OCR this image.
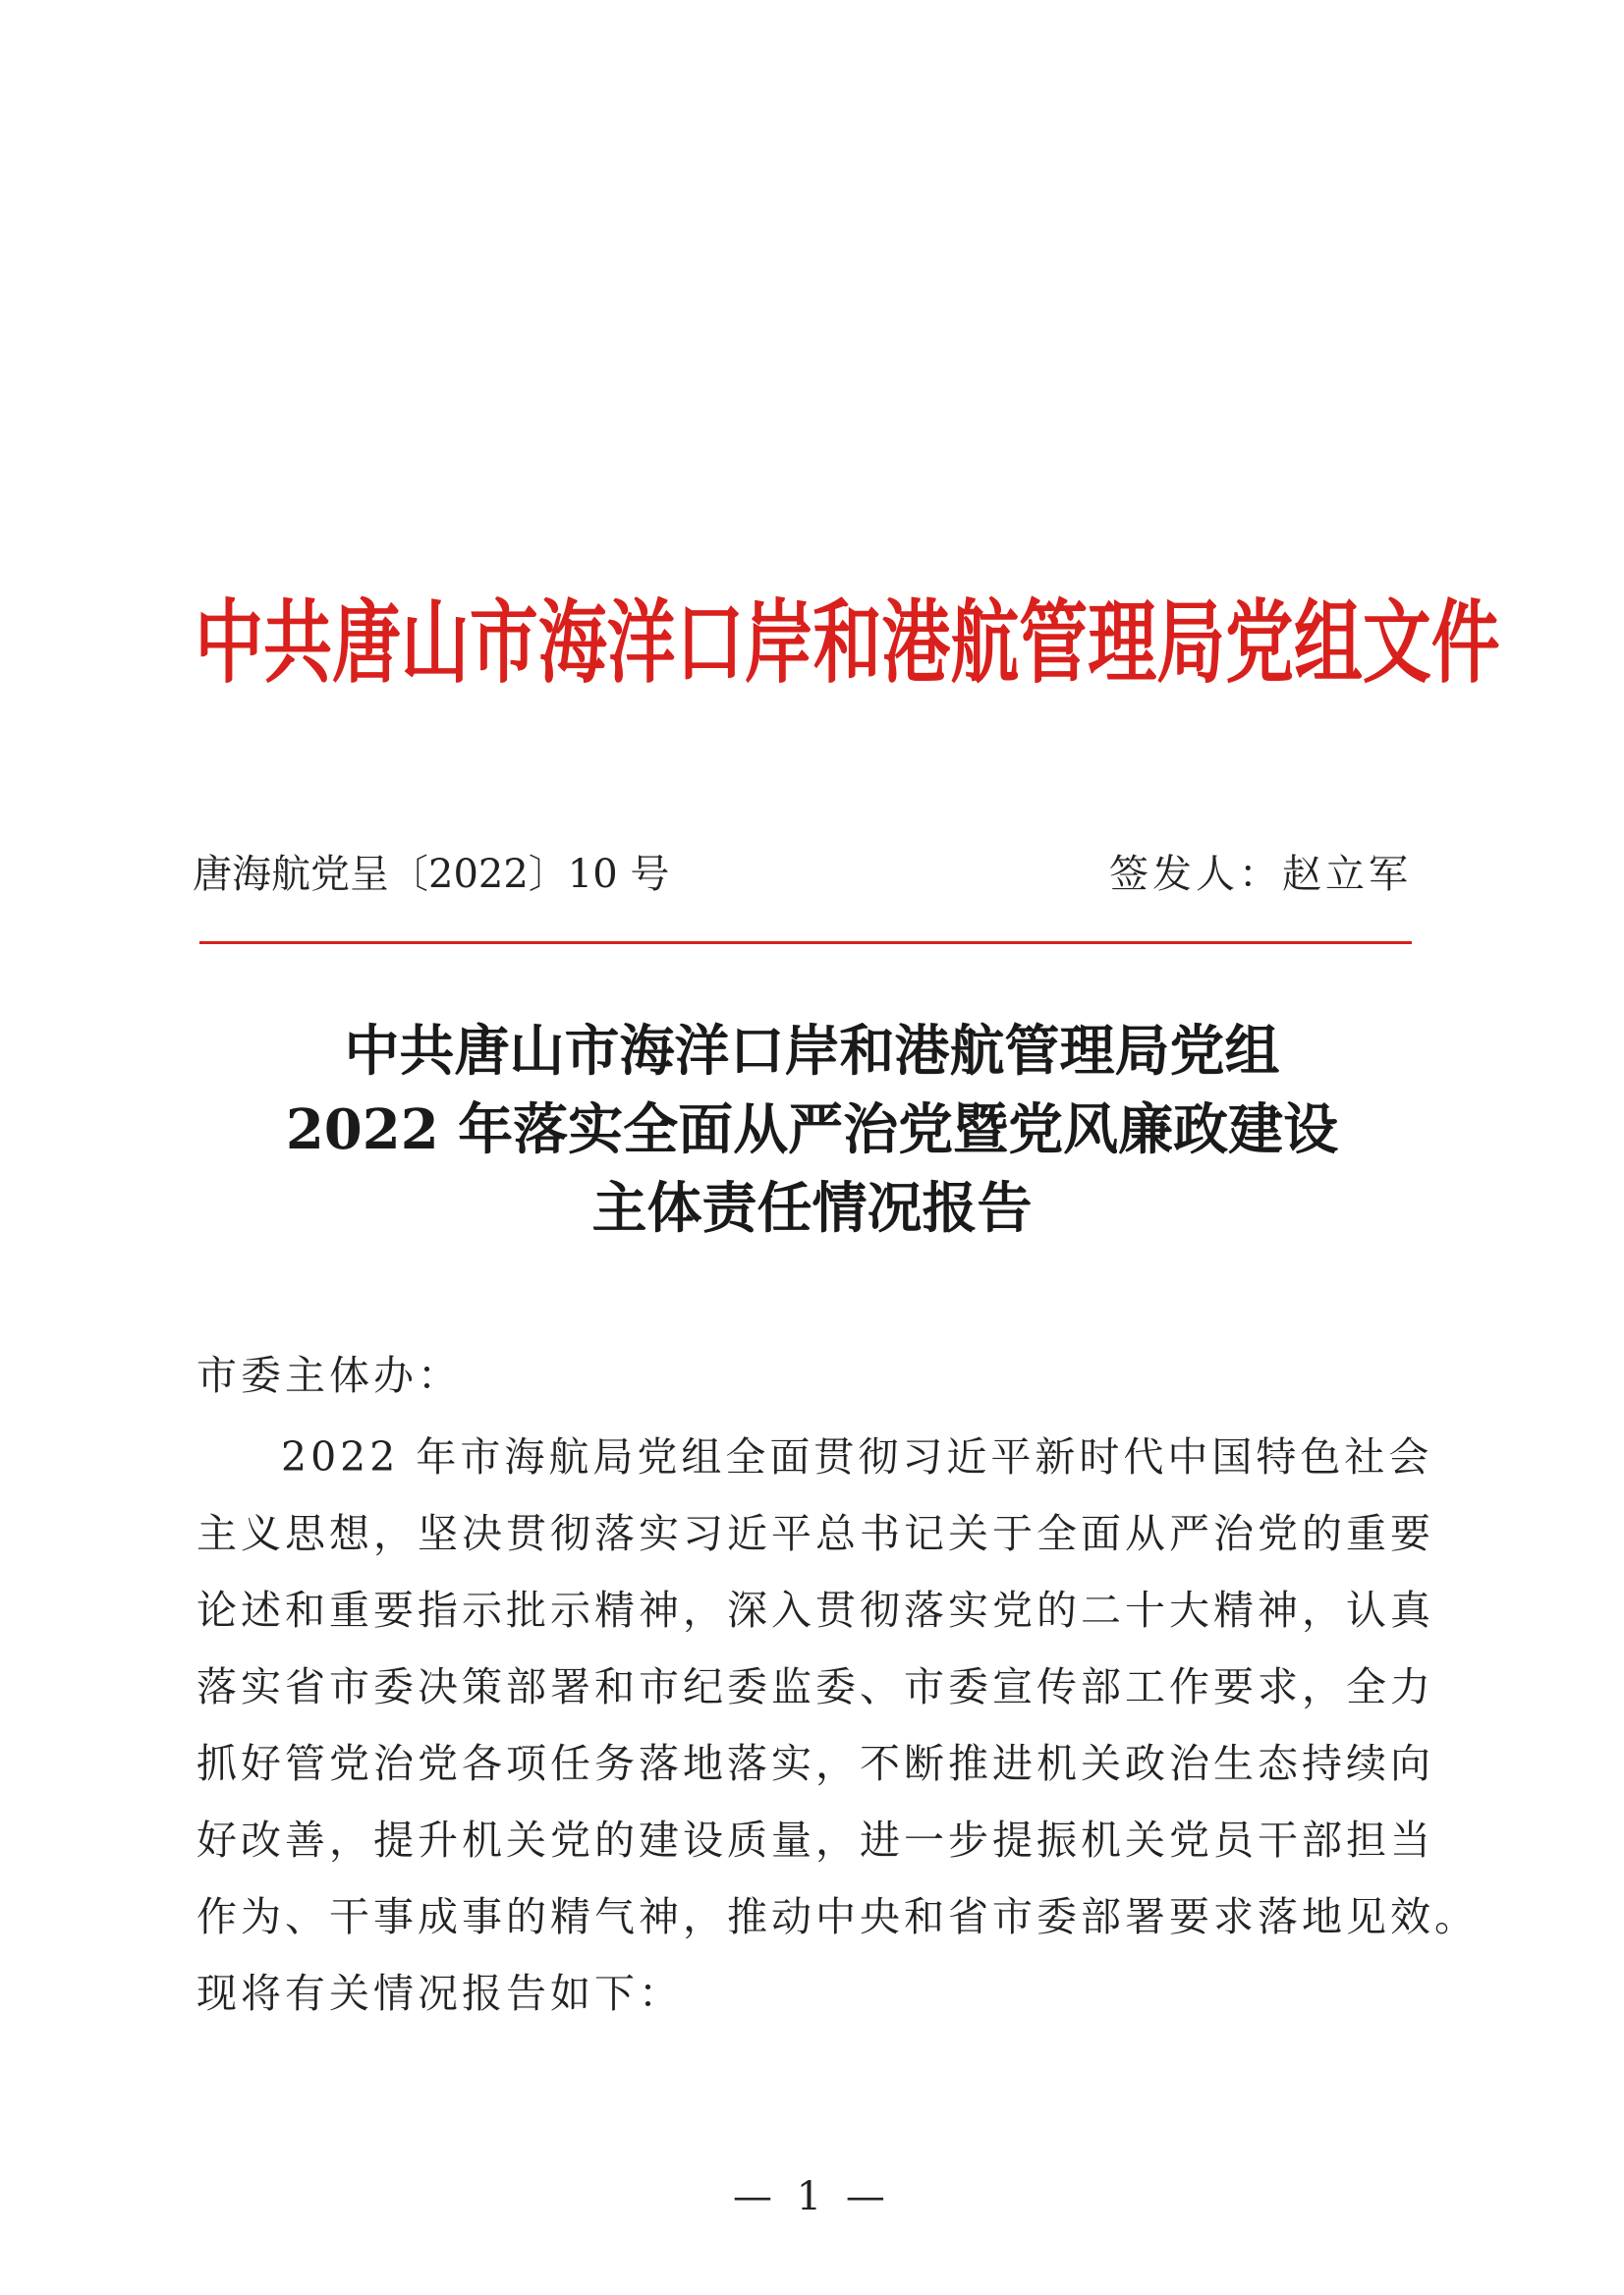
中共唐山市海洋口岸和港航管理局党组文件
唐海航党呈〔2022〕10 号	签发人：赵立军
中共唐山市海洋口岸和港航管理局党组
2022 年落实全面从严治党暨党风廉政建设
主体责任情况报告
市委主体办：
2022 年市海航局党组全面贯彻习近平新时代中国特色社会
主义思想，坚决贯彻落实习近平总书记关于全面从严治党的重要
论述和重要指示批示精神，深入贯彻落实党的二十大精神，认真
落实省市委决策部署和市纪委监委、市委宣传部工作要求，全力
抓好管党治党各项任务落地落实，不断推进机关政治生态持续向
好改善，提升机关党的建设质量，进一步提振机关党员干部担当
作为、干事成事的精气神，推动中央和省市委部署要求落地见效。
现将有关情况报告如下：
— 1 —
